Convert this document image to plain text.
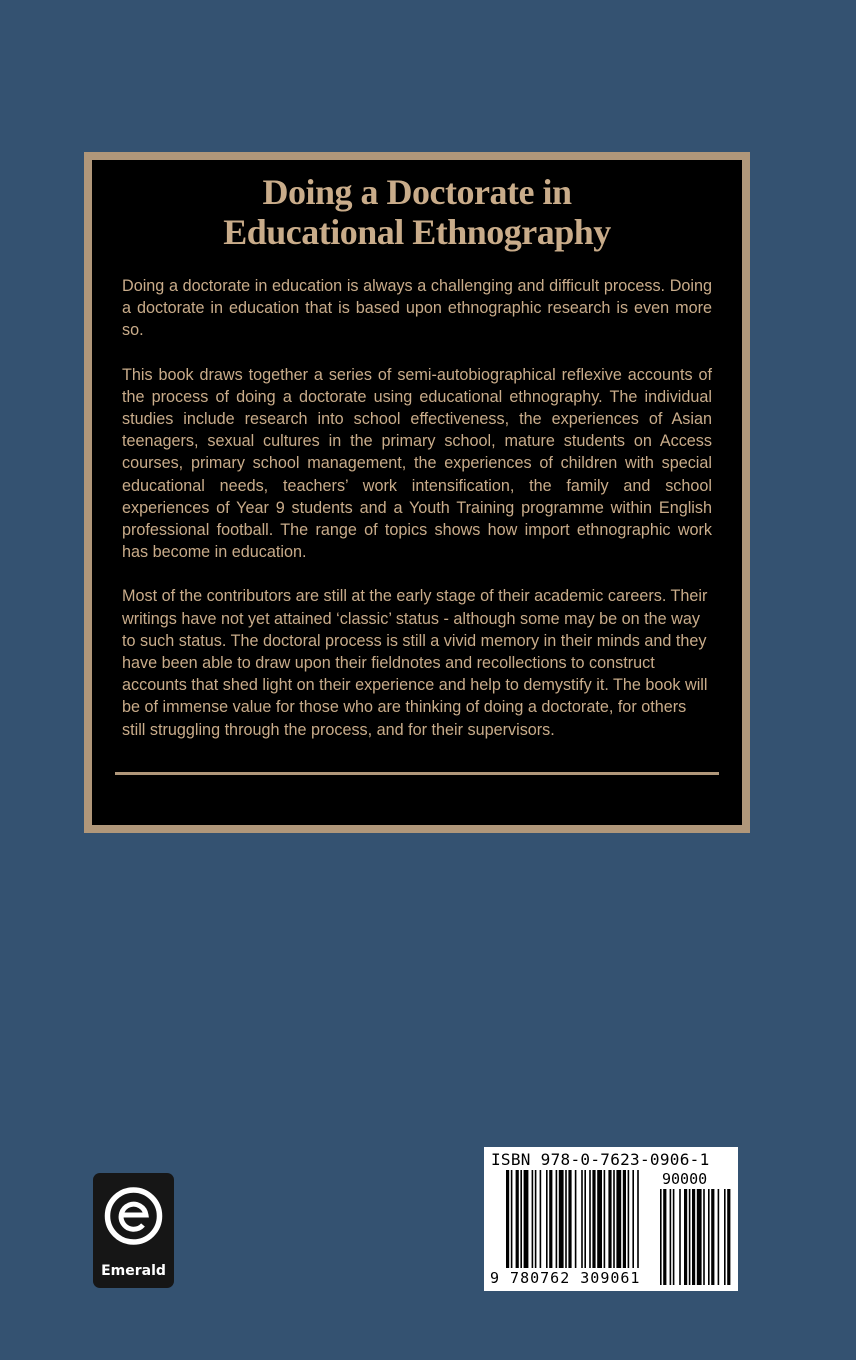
Doing a Doctorate in
Educational Ethnography

Doing a doctorate in education is always a challenging and difficult process. Doing a doctorate in education that is based upon ethnographic research is even more so.

This book draws together a series of semi-autobiographical reflexive accounts of the process of doing a doctorate using educational ethnography. The individual studies include research into school effectiveness, the experiences of Asian teenagers, sexual cultures in the primary school, mature students on Access courses, primary school management, the experiences of children with special educational needs, teachers’ work intensification, the family and school experiences of Year 9 students and a Youth Training programme within English professional football. The range of topics shows how import ethnographic work has become in education.

Most of the contributors are still at the early stage of their academic careers. Their writings have not yet attained ‘classic’ status - although some may be on the way to such status. The doctoral process is still a vivid memory in their minds and they have been able to draw upon their fieldnotes and recollections to construct accounts that shed light on their experience and help to demystify it. The book will be of immense value for those who are thinking of doing a doctorate, for others still struggling through the process, and for their supervisors.

Emerald
ISBN 978-0-7623-0906-1
90000
9 780762 309061
